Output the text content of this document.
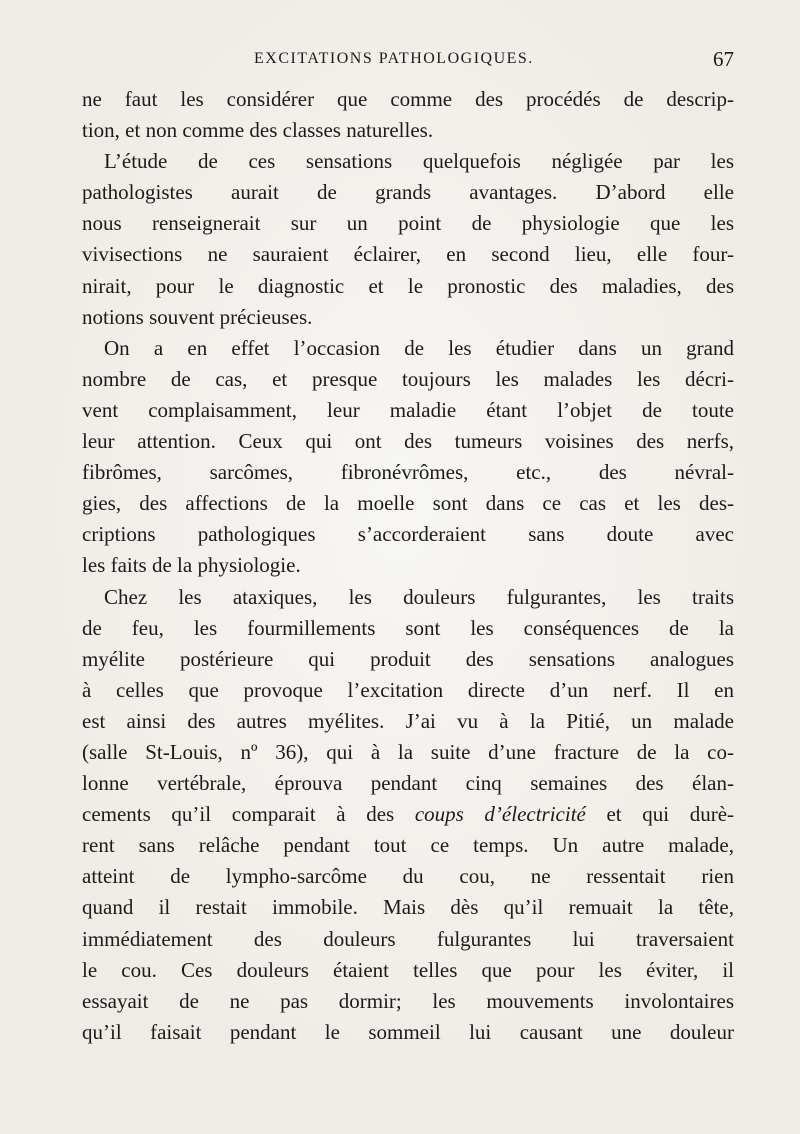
EXCITATIONS PATHOLOGIQUES.	67
ne faut les considérer que comme des procédés de descrip-
tion, et non comme des classes naturelles.
L’étude de ces sensations quelquefois négligée par les
pathologistes aurait de grands avantages. D’abord elle
nous renseignerait sur un point de physiologie que les
vivisections ne sauraient éclairer, en second lieu, elle four-
nirait, pour le diagnostic et le pronostic des maladies, des
notions souvent précieuses.
On a en effet l’occasion de les étudier dans un grand
nombre de cas, et presque toujours les malades les décri-
vent complaisamment, leur maladie étant l’objet de toute
leur attention. Ceux qui ont des tumeurs voisines des nerfs,
fibrômes, sarcômes, fibronévrômes, etc., des névral-
gies, des affections de la moelle sont dans ce cas et les des-
criptions pathologiques s’accorderaient sans doute avec
les faits de la physiologie.
Chez les ataxiques, les douleurs fulgurantes, les traits
de feu, les fourmillements sont les conséquences de la
myélite postérieure qui produit des sensations analogues
à celles que provoque l’excitation directe d’un nerf. Il en
est ainsi des autres myélites. J’ai vu à la Pitié, un malade
(salle St-Louis, nº 36), qui à la suite d’une fracture de la co-
lonne vertébrale, éprouva pendant cinq semaines des élan-
cements qu’il comparait à des coups d’électricité et qui durè-
rent sans relâche pendant tout ce temps. Un autre malade,
atteint de lympho-sarcôme du cou, ne ressentait rien
quand il restait immobile. Mais dès qu’il remuait la tête,
immédiatement des douleurs fulgurantes lui traversaient
le cou. Ces douleurs étaient telles que pour les éviter, il
essayait de ne pas dormir; les mouvements involontaires
qu’il faisait pendant le sommeil lui causant une douleur
